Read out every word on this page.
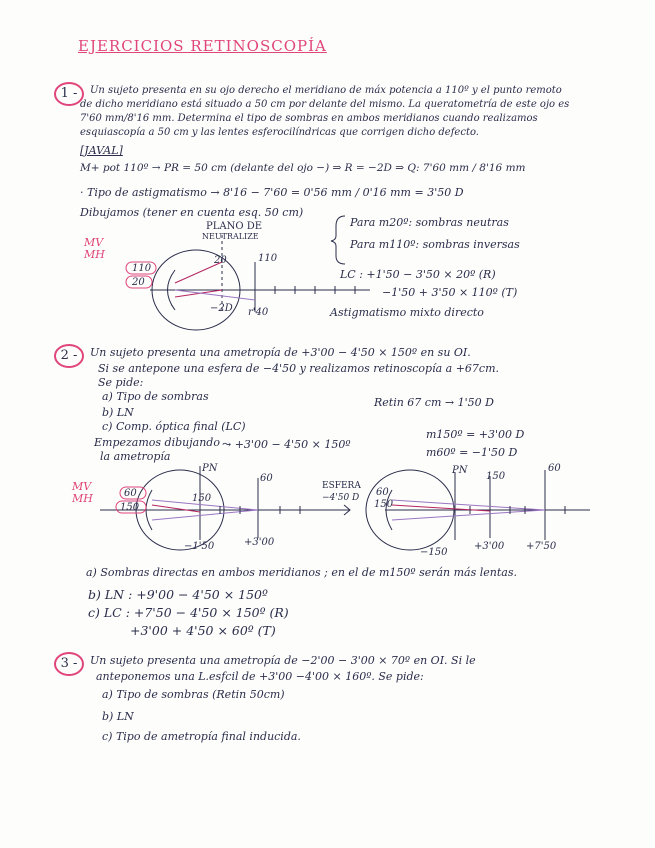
EJERCICIOS RETINOSCOPÍA
1 -	Un sujeto presenta en su ojo derecho el meridiano de máx potencia a 110º y el punto remoto
de dicho meridiano está situado a 50 cm por delante del mismo. La queratometría de este ojo es
7'60 mm/8'16 mm. Determina el tipo de sombras en ambos meridianos cuando realizamos
esquiascopía a 50 cm y las lentes esferocilíndricas que corrigen dicho defecto.
[JAVAL]
M+ pot 110º → PR = 50 cm (delante del ojo −) ⇒ R = −2D ⇒ Q: 7'60 mm / 8'16 mm
· Tipo de astigmatismo → 8'16 − 7'60 = 0'56 mm / 0'16 mm = 3'50 D
Dibujamos (tener en cuenta esq. 50 cm)
PLANO DE
NEUTRALIZE
MV
MH
110
20
20	110
−2D r'40
Para m20º: sombras neutras
Para m110º: sombras inversas
LC : +1'50 − 3'50 × 20º (R)
−1'50 + 3'50 × 110º (T)
Astigmatismo mixto directo
2 -	Un sujeto presenta una ametropía de +3'00 − 4'50 × 150º en su OI.
Si se antepone una esfera de −4'50 y realizamos retinoscopía a +67cm.
Se pide:
a) Tipo de sombras
b) LN
c) Comp. óptica final (LC)
Retin 67 cm → 1'50 D
Empezamos dibujando
la ametropía
⤳ +3'00 − 4'50 × 150º
m150º = +3'00 D
m60º = −1'50 D
MV
MH	60
150
PN
150
60
−1'50	+3'00
ESFERA
−4'50 D
PN
150
60
60
150
−150
+3'00 +7'50
a) Sombras directas en ambos meridianos ; en el de m150º serán más lentas.
b) LN : +9'00 − 4'50 × 150º
c) LC : +7'50 − 4'50 × 150º (R)
+3'00 + 4'50 × 60º (T)
3 -	Un sujeto presenta una ametropía de −2'00 − 3'00 × 70º en OI. Si le
anteponemos una L.esfcil de +3'00 −4'00 × 160º. Se pide:
a) Tipo de sombras (Retin 50cm)
b) LN
c) Tipo de ametropía final inducida.
